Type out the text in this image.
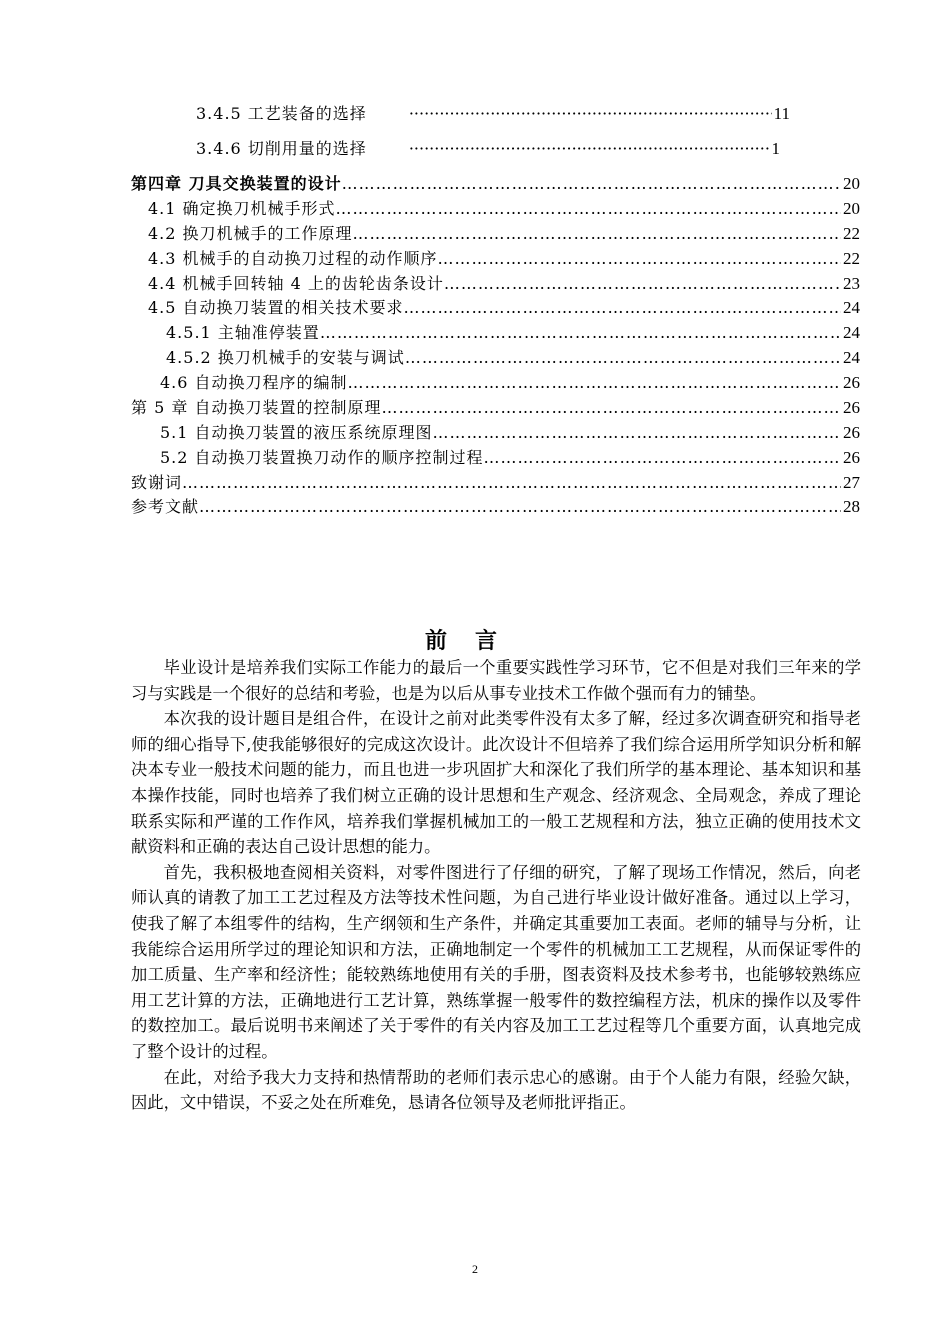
3.4.5 工艺装备的选择 ·····	11
3.4.6 切削用量的选择 ·····	1
第四章 刀具交换装置的设计 …………………………………………………………………………………………………………………………………………………………………………………………	20
4.1 确定换刀机械手形式 …………………………………………………………………………………………………………………………………………………………………………………………	20
4.2 换刀机械手的工作原理 …………………………………………………………………………………………………………………………………………………………………………………………	22
4.3 机械手的自动换刀过程的动作顺序 …………………………………………………………………………………………………………………………………………………………………………………………	22
4.4 机械手回转轴 4 上的齿轮齿条设计 …………………………………………………………………………………………………………………………………………………………………………………………	23
4.5 自动换刀装置的相关技术要求 …………………………………………………………………………………………………………………………………………………………………………………………	24
4.5.1 主轴准停装置 …………………………………………………………………………………………………………………………………………………………………………………………	24
4.5.2 换刀机械手的安装与调试 …………………………………………………………………………………………………………………………………………………………………………………………	24
4.6 自动换刀程序的编制 …………………………………………………………………………………………………………………………………………………………………………………………	26
第 5 章 自动换刀装置的控制原理 …………………………………………………………………………………………………………………………………………………………………………………………	26
5.1 自动换刀装置的液压系统原理图 …………………………………………………………………………………………………………………………………………………………………………………………	26
5.2 自动换刀装置换刀动作的顺序控制过程 …………………………………………………………………………………………………………………………………………………………………………………………	26
致谢词 …………………………………………………………………………………………………………………………………………………………………………………………	27
参考文献 …………………………………………………………………………………………………………………………………………………………………………………………	28
前言

毕业设计是培养我们实际工作能力的最后一个重要实践性学习环节，它不但是对我们三年来的学习与实践是一个很好的总结和考验，也是为以后从事专业技术工作做个强而有力的铺垫。

本次我的设计题目是组合件，在设计之前对此类零件没有太多了解，经过多次调查研究和指导老师的细心指导下,使我能够很好的完成这次设计。此次设计不但培养了我们综合运用所学知识分析和解决本专业一般技术问题的能力，而且也进一步巩固扩大和深化了我们所学的基本理论、基本知识和基本操作技能，同时也培养了我们树立正确的设计思想和生产观念、经济观念、全局观念，养成了理论联系实际和严谨的工作作风，培养我们掌握机械加工的一般工艺规程和方法，独立正确的使用技术文献资料和正确的表达自己设计思想的能力。

首先，我积极地查阅相关资料，对零件图进行了仔细的研究，了解了现场工作情况，然后，向老师认真的请教了加工工艺过程及方法等技术性问题，为自己进行毕业设计做好准备。通过以上学习，使我了解了本组零件的结构，生产纲领和生产条件，并确定其重要加工表面。老师的辅导与分析，让我能综合运用所学过的理论知识和方法，正确地制定一个零件的机械加工工艺规程，从而保证零件的加工质量、生产率和经济性；能较熟练地使用有关的手册，图表资料及技术参考书，也能够较熟练应用工艺计算的方法，正确地进行工艺计算，熟练掌握一般零件的数控编程方法，机床的操作以及零件的数控加工。最后说明书来阐述了关于零件的有关内容及加工工艺过程等几个重要方面，认真地完成了整个设计的过程。

在此，对给予我大力支持和热情帮助的老师们表示忠心的感谢。由于个人能力有限，经验欠缺，因此，文中错误，不妥之处在所难免，恳请各位领导及老师批评指正。

2
